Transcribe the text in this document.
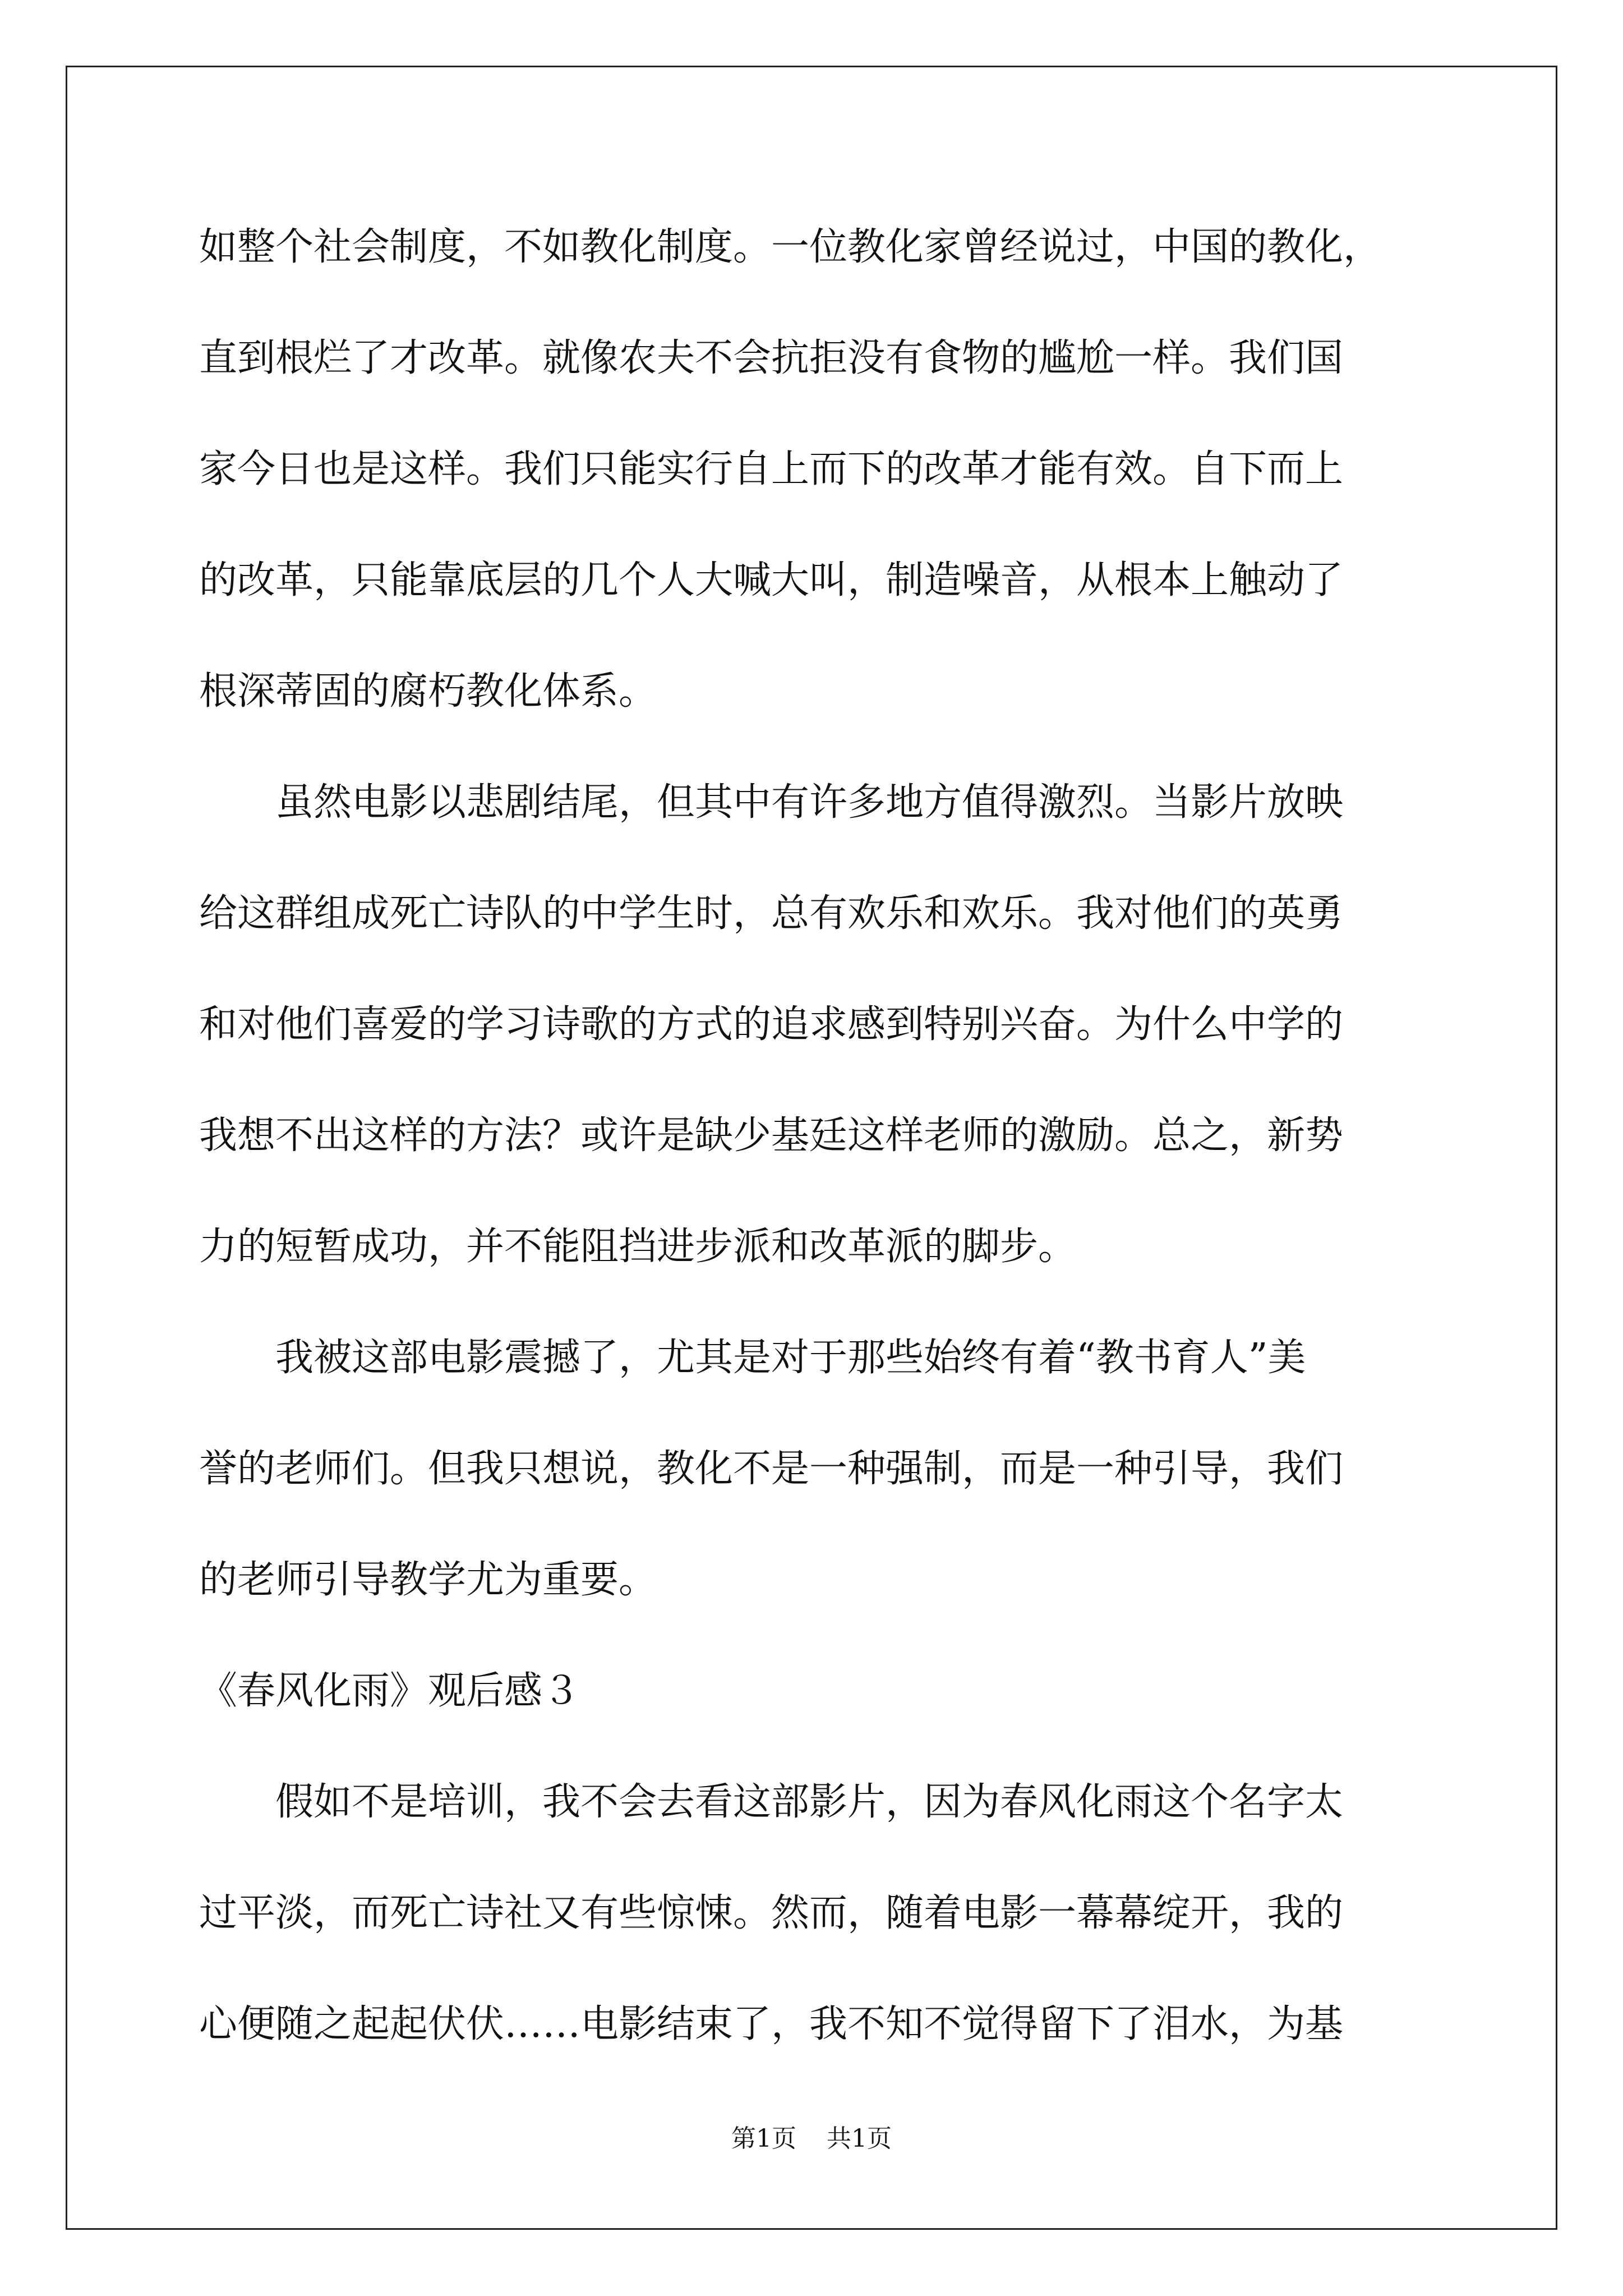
如整个社会制度，不如教化制度。一位教化家曾经说过，中国的教化，
直到根烂了才改革。就像农夫不会抗拒没有食物的尴尬一样。我们国
家今日也是这样。我们只能实行自上而下的改革才能有效。自下而上
的改革，只能靠底层的几个人大喊大叫，制造噪音，从根本上触动了
根深蒂固的腐朽教化体系。
　　虽然电影以悲剧结尾，但其中有许多地方值得激烈。当影片放映
给这群组成死亡诗队的中学生时，总有欢乐和欢乐。我对他们的英勇
和对他们喜爱的学习诗歌的方式的追求感到特别兴奋。为什么中学的
我想不出这样的方法？或许是缺少基廷这样老师的激励。总之，新势
力的短暂成功，并不能阻挡进步派和改革派的脚步。
　　我被这部电影震撼了，尤其是对于那些始终有着“教书育人”美
誉的老师们。但我只想说，教化不是一种强制，而是一种引导，我们
的老师引导教学尤为重要。
《春风化雨》观后感３
　　假如不是培训，我不会去看这部影片，因为春风化雨这个名字太
过平淡，而死亡诗社又有些惊悚。然而，随着电影一幕幕绽开，我的
心便随之起起伏伏……电影结束了，我不知不觉得留下了泪水，为基
第1页 共1页
